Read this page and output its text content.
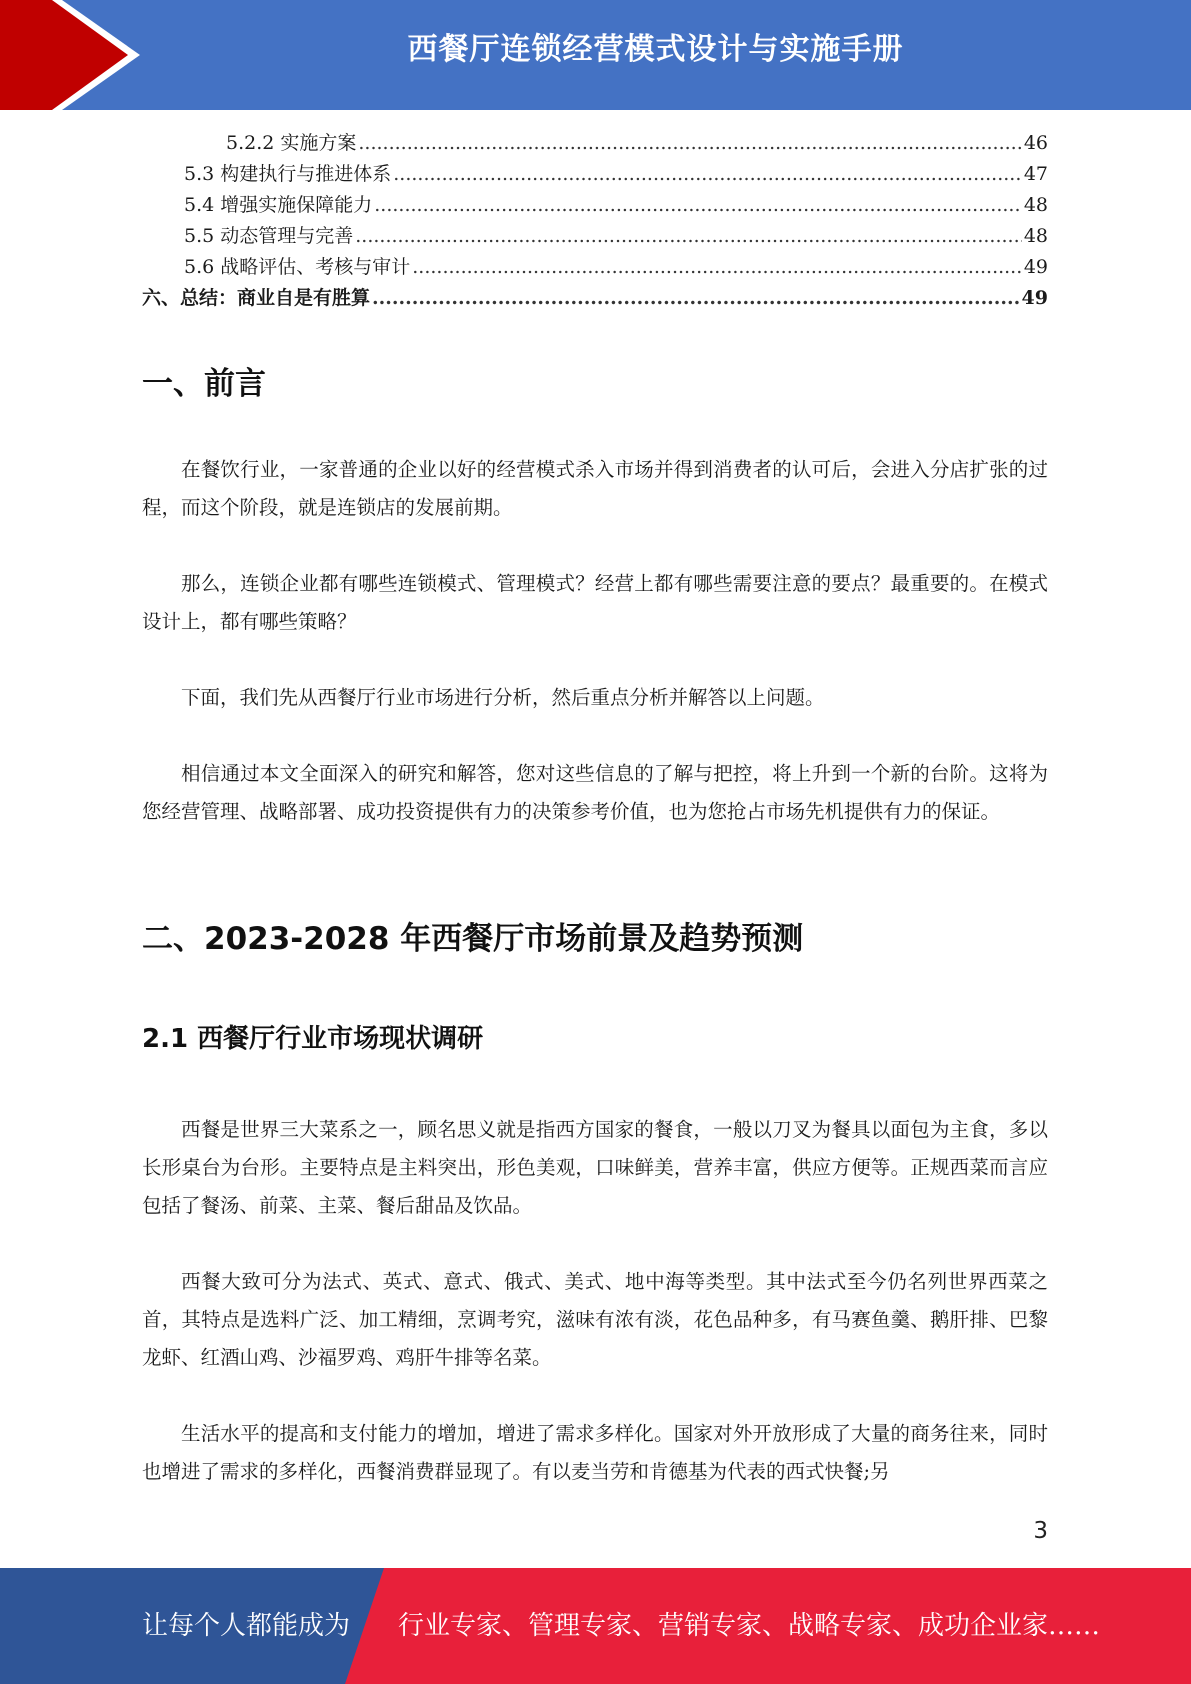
西餐厅连锁经营模式设计与实施手册
5.2.2 实施方案 .....	46
5.3 构建执行与推进体系 .....	47
5.4 增强实施保障能力 .....	48
5.5 动态管理与完善 .....	48
5.6 战略评估、考核与审计 .....	49
六、总结：商业自是有胜算 .....	49
一、前言

在餐饮行业，一家普通的企业以好的经营模式杀入市场并得到消费者的认可后，会进入分店扩张的过程，而这个阶段，就是连锁店的发展前期。

那么，连锁企业都有哪些连锁模式、管理模式？经营上都有哪些需要注意的要点？最重要的。在模式设计上，都有哪些策略？

下面，我们先从西餐厅行业市场进行分析，然后重点分析并解答以上问题。

相信通过本文全面深入的研究和解答，您对这些信息的了解与把控，将上升到一个新的台阶。这将为您经营管理、战略部署、成功投资提供有力的决策参考价值，也为您抢占市场先机提供有力的保证。

二、2023-2028 年西餐厅市场前景及趋势预测
2.1 西餐厅行业市场现状调研

西餐是世界三大菜系之一，顾名思义就是指西方国家的餐食，一般以刀叉为餐具以面包为主食，多以长形桌台为台形。主要特点是主料突出，形色美观，口味鲜美，营养丰富，供应方便等。正规西菜而言应包括了餐汤、前菜、主菜、餐后甜品及饮品。

西餐大致可分为法式、英式、意式、俄式、美式、地中海等类型。其中法式至今仍名列世界西菜之首，其特点是选料广泛、加工精细，烹调考究，滋味有浓有淡，花色品种多，有马赛鱼羹、鹅肝排、巴黎龙虾、红酒山鸡、沙福罗鸡、鸡肝牛排等名菜。

生活水平的提高和支付能力的增加，增进了需求多样化。国家对外开放形成了大量的商务往来，同时也增进了需求的多样化，西餐消费群显现了。有以麦当劳和肯德基为代表的西式快餐;另

3
让每个人都能成为 行业专家、管理专家、营销专家、战略专家、成功企业家……
